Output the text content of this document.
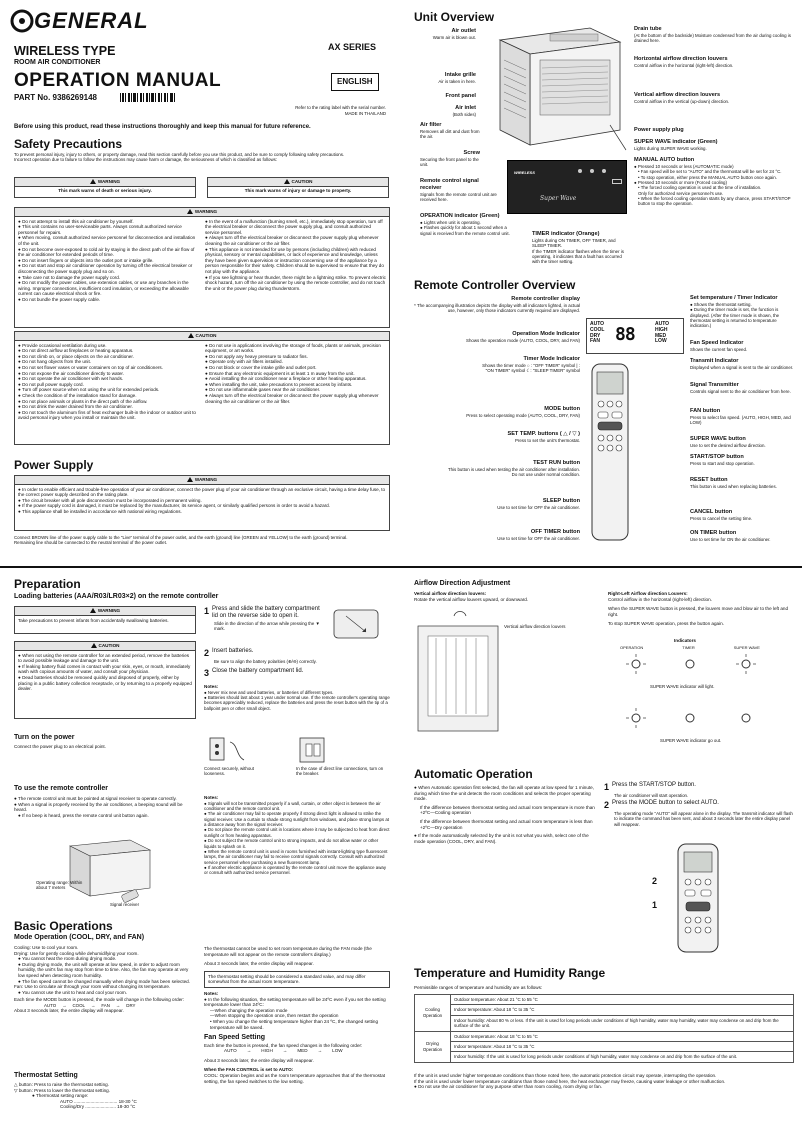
GENERAL
WIRELESS TYPE
ROOM AIR CONDITIONER
AX SERIES
OPERATION MANUAL	ENGLISH
PART No. 9386269148
Refer to the rating label with the serial number.
MADE IN THAILAND
Before using this product, read these instructions thoroughly and keep this manual for future reference.
Safety Precautions
To prevent personal injury, injury to others, or property damage, read this section carefully before you use this product, and be sure to comply following safety precautions.
Incorrect operation due to failure to follow the instructions may cause harm or damage, the seriousness of which is classified as follows:
WARNING
This mark warns of death or serious injury.
CAUTION
This mark warns of injury or damage to property.
WARNING
● Do not attempt to install this air conditioner by yourself.
● This unit contains no user-serviceable parts. Always consult authorized service personnel for repairs.
● When moving, consult authorized service personnel for disconnection and installation of the unit.
● Do not become over-exposed to cold air by staying in the direct path of the air flow of the air conditioner for extended periods of time.
● Do not insert fingers or objects into the outlet port or intake grille.
● Do not start and stop air conditioner operation by turning off the electrical breaker or disconnecting the power supply plug and so on.
● Take care not to damage the power supply cord.
● Do not modify the power cables, use extension cables, or use any branches in the wiring. Improper connections, insufficient cord insulation, or exceeding the allowable current can cause electrical shock or fire.
● Do not bundle the power supply cable.
● In the event of a malfunction (burning smell, etc.), immediately stop operation, turn off the electrical breaker or disconnect the power supply plug, and consult authorized service personnel.
● Always turn off the electrical breaker or disconnect the power supply plug whenever cleaning the air conditioner or the air filter.
● This appliance is not intended for use by persons (including children) with reduced physical, sensory or mental capabilities, or lack of experience and knowledge, unless they have been given supervision or instruction concerning use of the appliance by a person responsible for their safety. Children should be supervised to ensure that they do not play with the appliance.
● If you see lightning or hear thunder, there might be a lightning strike. To prevent electric shock hazard, turn off the air conditioner by using the remote controller, and do not touch the unit or the power plug during thunderstorm.
CAUTION
● Provide occasional ventilation during use.
● Do not direct airflow at fireplaces or heating apparatus.
● Do not climb on, or place objects on the air conditioner.
● Do not hang objects from the unit.
● Do not set flower vases or water containers on top of air conditioners.
● Do not expose the air conditioner directly to water.
● Do not operate the air conditioner with wet hands.
● Do not pull power supply cord.
● Turn off power source when not using the unit for extended periods.
● Check the condition of the installation stand for damage.
● Do not place animals or plants in the direct path of the airflow.
● Do not drink the water drained from the air conditioner.
● Do not touch the aluminum fins of heat exchanger built-in the indoor or outdoor unit to avoid personal injury when you install or maintain the unit.
● Do not use in applications involving the storage of foods, plants or animals, precision equipment, or art works.
● Do not apply any heavy pressure to radiator fins.
● Operate only with air filters installed.
● Do not block or cover the intake grille and outlet port.
● Ensure that any electronic equipment is at least 1 m away from the unit.
● Avoid installing the air conditioner near a fireplace or other heating apparatus.
● When installing the unit, take precautions to prevent access by infants.
● Do not use inflammable gases near the air conditioner.
● Always turn off the electrical breaker or disconnect the power supply plug whenever cleaning the air conditioner or the air filter.
Power Supply
WARNING
● In order to enable efficient and trouble-free operation of your air conditioner, connect the power plug of your air conditioner through an exclusive circuit, having a time delay fuse, to the correct power supply described on the rating plate.
● The circuit breaker with all pole disconnection must be incorporated in permanent wiring.
● If the power supply cord is damaged, it must be replaced by the manufacturer, its service agent, or similarly qualified persons in order to avoid a hazard.
● This appliance shall be installed in accordance with national wiring regulations.
Connect BROWN line of the power supply cable to the "Live" terminal of the power outlet, and the earth (ground) line (GREEN and YELLOW) to the earth (ground) terminal.
Remaining line should be connected to the neutral terminal of the power outlet.
Unit Overview
Air outlet
Warm air is blown out.
Intake grille
Air is taken in here.
Front panel
Air inlet
(Both sides)
Air filter
Removes all dirt and dust from the air.
Screw
Securing the front panel to the unit.
Remote control signal receiver
Signals from the remote control unit are received here.
OPERATION indicator (Green)
● Lights when unit is operating.
● Flashes quickly for about 1 second when a signal is received from the remote control unit.
WIRELESS
Super Wave
TIMER indicator (Orange)
Lights during ON TIMER, OFF TIMER, and SLEEP TIMER.
If the TIMER indicator flashes when the timer is operating, it indicates that a fault has occurred with the timer setting.
Drain tube
(At the bottom of the backside) Moisture condensed from the air during cooling is drained here.
Horizontal airflow direction louvers
Control airflow in the horizontal (right-left) direction.
Vertical airflow direction louvers
Control airflow in the vertical (up-down) direction.
Power supply plug
SUPER WAVE indicator (Green)
Lights during SUPER WAVE working.
MANUAL AUTO button
● Pressed 10 seconds or less (AUTOMATIC mode)
• Fan speed will be set to "AUTO" and the thermostat will be set for 24 °C.
• To stop operation, either press the MANUAL AUTO button once again.
● Pressed 10 seconds or more (Forced cooling)
• The forced cooling operation is used at the time of installation.
Only for authorized service personnel's use.
• When the forced cooling operation starts by any chance, press START/STOP button to stop the operation.
Remote Controller Overview
Remote controller display
* The accompanying illustration depicts the display with all indicators lighted, in actual use, however, only those indicators currently required are displayed.
Operation Mode Indicator
Shows the operation mode (AUTO, COOL, DRY, and FAN)
Timer Mode Indicator
Shows the timer mode ○ : "OFF TIMER" symbol | : "ON TIMER" symbol ☾: "SLEEP TIMER" symbol
MODE button
Press to select operating mode (AUTO, COOL, DRY, FAN)
SET TEMP. buttons ( △ / ▽ )
Press to set the unit's thermostat.
TEST RUN button
This button is used when testing the air conditioner after installation. Do not use under normal condition.
SLEEP button
Use to set time for OFF the air conditioner.
OFF TIMER button
Use to set time for OFF the air conditioner.
AUTO
COOL
DRY
FAN 88	AUTO
HIGH
MED
LOW
Set temperature / Timer Indicator
● Shows the thermostat setting.
● During the timer mode is set, the function is displayed. (After the timer mode is shown, the thermostat setting is returned to temperature indication.)
Fan Speed Indicator
Shows the current fan speed.
Transmit Indicator
Displayed when a signal is sent to the air conditioner.
Signal Transmitter
Controls signal sent to the air conditioner from here.
FAN button
Press to select fan speed. (AUTO, HIGH, MED, and LOW)
SUPER WAVE button
Use to set the desired airflow direction.
START/STOP button
Press to start and stop operation.
RESET button
This button is used when replacing batteries.
CANCEL button
Press to cancel the setting time.
ON TIMER button
Use to set time for ON the air conditioner.
Preparation
Loading batteries (AAA/R03/LR03×2) on the remote controller
WARNING
Take precautions to prevent infants from accidentally swallowing batteries.
CAUTION
● When not using the remote controller for an extended period, remove the batteries to avoid possible leakage and damage to the unit.
● If leaking battery fluid comes in contact with your skin, eyes, or mouth, immediately wash with copious amounts of water, and consult your physician.
● Dead batteries should be removed quickly and disposed of properly, either by placing in a public battery collection receptacle, or by returning to a properly equipped dealer.
1 Press and slide the battery compartment lid on the reverse side to open it.
Slide in the direction of the arrow while pressing the ▼ mark.
2 Insert batteries.
Be sure to align the battery polarities (⊕/⊖) correctly.
3 Close the battery compartment lid.
Notes:
● Never mix new and used batteries, or batteries of different types.
● Batteries should last about 1 year under normal use. If the remote controller's operating range becomes appreciably reduced, replace the batteries and press the reset button with the tip of a ballpoint pen or other small object.
Turn on the power
Connect the power plug to an electrical point.
Connect securely, without looseness.
In the case of direct line connections, turn on the breaker.
To use the remote controller
● The remote control unit must be pointed at signal receiver to operate correctly.
● When a signal is properly received by the air conditioner, a beeping sound will be heard.
● If no beep is heard, press the remote control unit button again.
Operating range: Within about 7 meters
Signal receiver
Notes:
● Signals will not be transmitted properly if a wall, curtain, or other object is between the air conditioner and the remote control unit.
● The air conditioner may fail to operate properly if strong direct light is allowed to strike the signal receiver. Use a curtain to shade strong sunlight from windows, and place strong lamps at a distance away from the signal receiver.
● Do not place the remote control unit in locations where it may be subjected to heat from direct sunlight or from heating apparatus.
● Do not subject the remote control unit to strong impacts, and do not allow water or other liquids to splash on it.
● When the remote control unit is used in rooms furnished with instant-lighting type fluorescent lamps, the air conditioner may fail to receive control signals correctly. Consult with authorized service personnel when purchasing a new fluorescent lamp.
● If another electric appliance is operated by the remote control unit move the appliance away or consult with authorized service personnel.
Basic Operations
Mode Operation (COOL, DRY, and FAN)
Cooling: Use to cool your room.
Drying: Use for gently cooling while dehumidifying your room.
● You cannot heat the room during drying mode.
● During drying mode, the unit will operate at low speed, in order to adjust room humidity, the unit's fan may stop from time to time. Also, the fan may operate at very low speed when detecting room humidity.
● The fan speed cannot be changed manually when drying mode has been selected.
Fan: Use to circulate air through your room without changing its temperature.
● You cannot use the unit to heat and cool your room.
Each time the MODE button is pressed, the mode will change in the following order:
AUTO → COOL → FAN → DRY
About 3 seconds later, the entire display will reappear.
Thermostat Setting
△ button: Press to raise the thermostat setting.
▽ button: Press to lower the thermostat setting.
● Thermostat setting range:
AUTO .................................. 18-30 °C
Cooling/Dry ........................ 18-30 °C
The thermostat cannot be used to set room temperature during the FAN mode (the temperature will not appear on the remote controller's display.)
About 3 seconds later, the entire display will reappear.
The thermostat setting should be considered a standard value, and may differ somewhat from the actual room temperature.
Notes:
● In the following situation, the setting temperature will be 24ºC even if you set the setting temperature lower than 24ºC:
—When changing the operation mode
—When stopping the operation once, then restart the operation
• When you change the setting temperature higher than 24 ºC, the changed setting temperature will be saved.
Fan Speed Setting
Each time the button is pressed, the fan speed changes in the following order:
AUTO → HIGH → MED → LOW
About 3 seconds later, the entire display will reappear.
When the FAN CONTROL is set to AUTO:
COOL: Operation begins and as the room temperature approaches that of the thermostat setting, the fan speed switches to the low setting.
Airflow Direction Adjustment
Vertical airflow direction louvers:
Rotate the vertical airflow louvers upward, or downward.
Vertical airflow direction louvers
Right-Left Airflow direction Louvers:
Control airflow in the horizontal (right-left) direction.
When the SUPER WAVE button is pressed, the louvers move and blow air to the left and right.
To stop SUPER WAVE operation, press the button again.
Indicators
OPERATION	TIMER	SUPER WAVE
SUPER WAVE indicator will light.
SUPER WAVE indicator go out.
Automatic Operation
● When Automatic operation first selected, the fan will operate at low speed for 1 minute, during which time the unit detects the room conditions and selects the proper operating mode.
If the difference between thermostat setting and actual room temperature is more than +2ºC—Cooling operation
If the difference between thermostat setting and actual room temperature is less than +2ºC—Dry operation
● If the mode automatically selected by the unit is not what you wish, select one of the mode operation (COOL, DRY, and FAN).
1 Press the START/STOP button.
The air conditioner will start operation.
2 Press the MODE button to select AUTO.
The operating mode "AUTO" will appear alone in the display. The transmit indicator will flash to indicate the command has been sent, and about 3 seconds later the entire display panel will reappear.
2
1
Temperature and Humidity Range
Permissible ranges of temperature and humidity are as follows:
Cooling Operation	Outdoor temperature: About 21 °C to 55 °C
	Indoor temperature: About 18 °C to 35 °C
	Indoor humidity: About 80 % or less. If the unit is used for long periods under conditions of high humidity, water may humidity, water may condense on and drip from the surface of the unit.
Drying Operation	Outdoor temperature: About 18 °C to 55 °C
	Indoor temperature: About 18 °C to 35 °C
	Indoor humidity: If the unit is used for long periods under conditions of high humidity, water may condense on and drip from the surface of the unit.
If the unit is used under higher temperature conditions than those noted here, the automatic protection circuit may operate, interrupting the operation.
If the unit is used under lower temperature conditions than those noted here, the heat exchanger may freeze, causing water leakage or other malfunction.
● Do not use the air conditioner for any purpose other than room cooling, room drying or fan.
